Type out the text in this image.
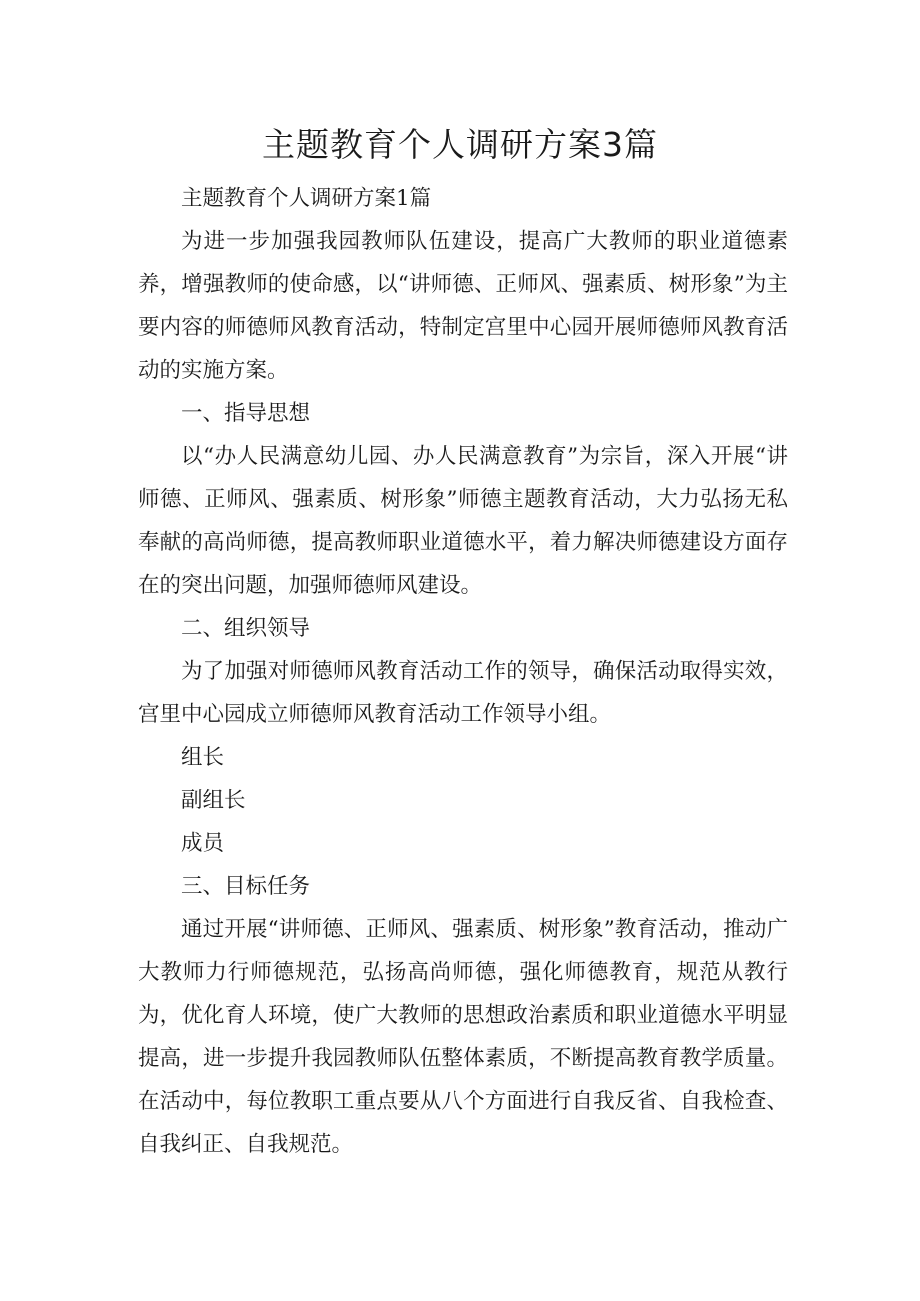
主题教育个人调研方案3篇

主题教育个人调研方案1篇

为进一步加强我园教师队伍建设，提高广大教师的职业道德素养，增强教师的使命感，以“讲师德、正师风、强素质、树形象”为主要内容的师德师风教育活动，特制定宫里中心园开展师德师风教育活动的实施方案。

一、指导思想

以“办人民满意幼儿园、办人民满意教育”为宗旨，深入开展“讲师德、正师风、强素质、树形象”师德主题教育活动，大力弘扬无私奉献的高尚师德，提高教师职业道德水平，着力解决师德建设方面存在的突出问题，加强师德师风建设。

二、组织领导

为了加强对师德师风教育活动工作的领导，确保活动取得实效，宫里中心园成立师德师风教育活动工作领导小组。

组长

副组长

成员

三、目标任务

通过开展“讲师德、正师风、强素质、树形象”教育活动，推动广大教师力行师德规范，弘扬高尚师德，强化师德教育，规范从教行为，优化育人环境，使广大教师的思想政治素质和职业道德水平明显提高，进一步提升我园教师队伍整体素质，不断提高教育教学质量。在活动中，每位教职工重点要从八个方面进行自我反省、自我检查、自我纠正、自我规范。
